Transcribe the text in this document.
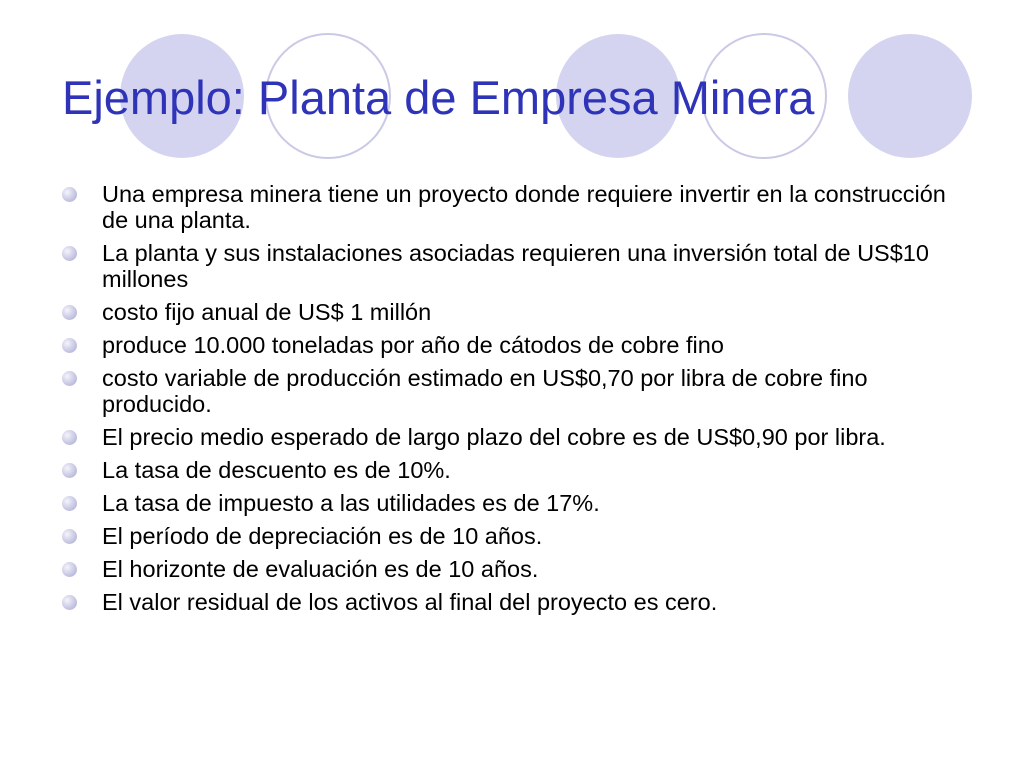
Ejemplo: Planta de Empresa Minera
Una empresa minera tiene un proyecto donde requiere invertir en la construcción de una planta.
La planta y sus instalaciones asociadas requieren una inversión total de US$10 millones
costo fijo anual de US$ 1 millón
produce 10.000 toneladas por año de cátodos de cobre fino
costo variable de producción estimado en US$0,70 por libra de cobre fino producido.
El precio medio esperado de largo plazo del cobre es de US$0,90 por libra.
La tasa de descuento es de 10%.
La tasa de impuesto a las utilidades es de 17%.
El período de depreciación es de 10 años.
El horizonte de evaluación es de 10 años.
El valor residual de los activos al final del proyecto es cero.
